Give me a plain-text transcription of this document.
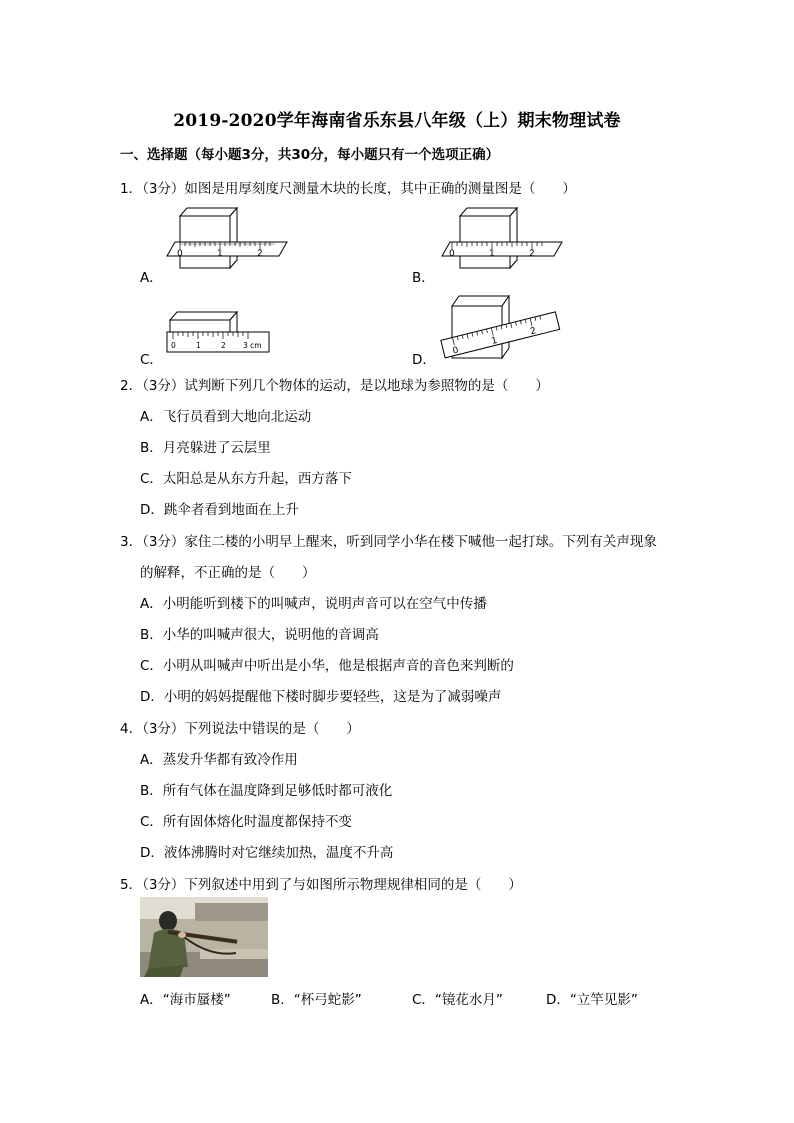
2019-2020学年海南省乐东县八年级（上）期末物理试卷
一、选择题（每小题3分，共30分，每小题只有一个选项正确）
1．（3分）如图是用厚刻度尺测量木块的长度，其中正确的测量图是（　　）
0	1	2
A．
0	1	2
B．
0	1	2 3 cm
C．
0
1
2
D．
2．（3分）试判断下列几个物体的运动，是以地球为参照物的是（　　）
A．飞行员看到大地向北运动
B．月亮躲进了云层里
C．太阳总是从东方升起，西方落下
D．跳伞者看到地面在上升
3．（3分）家住二楼的小明早上醒来，听到同学小华在楼下喊他一起打球。下列有关声现象
的解释，不正确的是（　　）
A．小明能听到楼下的叫喊声，说明声音可以在空气中传播
B．小华的叫喊声很大，说明他的音调高
C．小明从叫喊声中听出是小华，他是根据声音的音色来判断的
D．小明的妈妈提醒他下楼时脚步要轻些，这是为了减弱噪声
4．（3分）下列说法中错误的是（　　）
A．蒸发升华都有致冷作用
B．所有气体在温度降到足够低时都可液化
C．所有固体熔化时温度都保持不变
D．液体沸腾时对它继续加热，温度不升高
5．（3分）下列叙述中用到了与如图所示物理规律相同的是（　　）
A．“海市蜃楼”	B．“杯弓蛇影”	C．“镜花水月”	D．“立竿见影”
